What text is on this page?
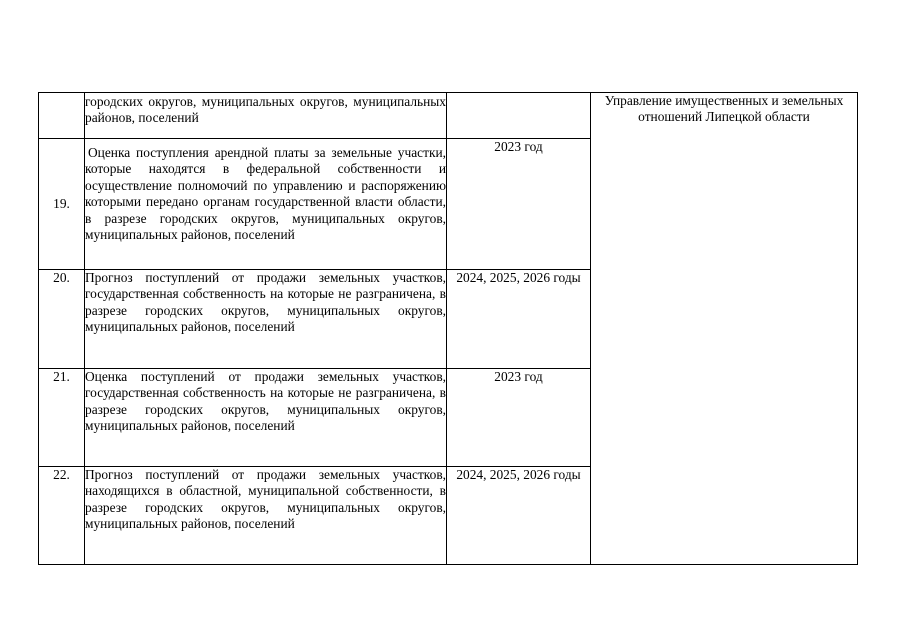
	городских округов, муниципальных округов, муниципальных районов, поселений		Управление имущественных и земельных отношений Липецкой области
19.	Оценка поступления арендной платы за земельные участки, которые находятся в федеральной собственности и осуществление полномочий по управлению и распоряжению которыми передано органам государственной власти области, в разрезе городских округов, муниципальных округов, муниципальных районов, поселений	2023 год	
20.	Прогноз поступлений от продажи земельных участков, государственная собственность на которые не разграничена, в разрезе городских округов, муниципальных округов, муниципальных районов, поселений	2024, 2025, 2026 годы	
21.	Оценка поступлений от продажи земельных участков, государственная собственность на которые не разграничена, в разрезе городских округов, муниципальных округов, муниципальных районов, поселений	2023 год	
22.	Прогноз поступлений от продажи земельных участков, находящихся в областной, муниципальной собственности, в разрезе городских округов, муниципальных округов, муниципальных районов, поселений	2024, 2025, 2026 годы	
